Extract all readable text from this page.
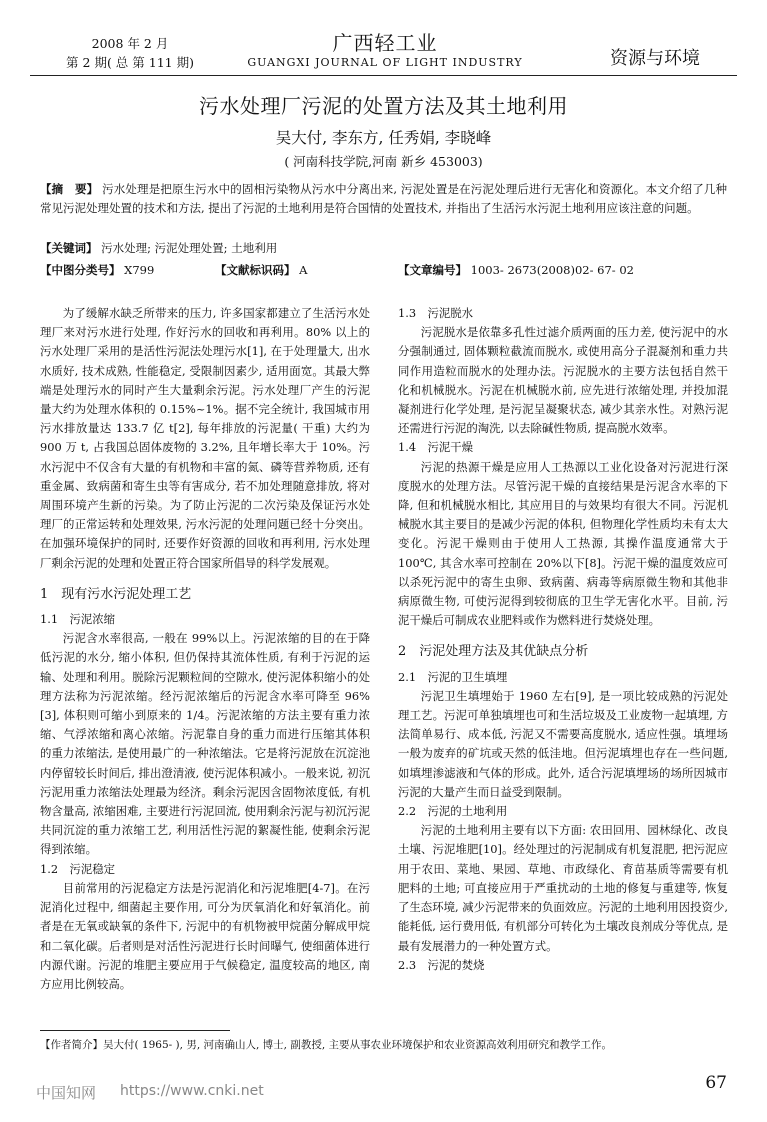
2008 年 2 月
第 2 期( 总 第 111 期)
广西轻工业
GUANGXI JOURNAL OF LIGHT INDUSTRY	资源与环境
污水处理厂污泥的处置方法及其土地利用
吴大付, 李东方, 任秀娟, 李晓峰
( 河南科技学院,河南 新乡 453003)
【摘　要】 污水处理是把原生污水中的固相污染物从污水中分离出来, 污泥处置是在污泥处理后进行无害化和资源化。本文介绍了几种常见污泥处理处置的技术和方法, 提出了污泥的土地利用是符合国情的处置技术, 并指出了生活污水污泥土地利用应该注意的问题。
【关键词】 污水处理; 污泥处理处置; 土地利用
【中图分类号】 X799	【文献标识码】 A	【文章编号】 1003- 2673(2008)02- 67- 02

为了缓解水缺乏所带来的压力, 许多国家都建立了生活污水处理厂来对污水进行处理, 作好污水的回收和再利用。80% 以上的污水处理厂采用的是活性污泥法处理污水[1], 在于处理量大, 出水水质好, 技术成熟, 性能稳定, 受限制因素少, 适用面宽。其最大弊端是处理污水的同时产生大量剩余污泥。污水处理厂产生的污泥量大约为处理水体积的 0.15%~1%。据不完全统计, 我国城市用污水排放量达 133.7 亿 t[2], 每年排放的污泥量( 干重) 大约为 900 万 t, 占我国总固体废物的 3.2%, 且年增长率大于 10%。污水污泥中不仅含有大量的有机物和丰富的氮、磷等营养物质, 还有重金属、致病菌和寄生虫等有害成分, 若不加处理随意排放, 将对周围环境产生新的污染。为了防止污泥的二次污染及保证污水处理厂的正常运转和处理效果, 污水污泥的处理问题已经十分突出。在加强环境保护的同时, 还要作好资源的回收和再利用, 污水处理厂剩余污泥的处理和处置正符合国家所倡导的科学发展观。

1　现有污水污泥处理工艺

1.1　污泥浓缩

污泥含水率很高, 一般在 99%以上。污泥浓缩的目的在于降低污泥的水分, 缩小体积, 但仍保持其流体性质, 有利于污泥的运输、处理和利用。脱除污泥颗粒间的空隙水, 使污泥体积缩小的处理方法称为污泥浓缩。经污泥浓缩后的污泥含水率可降至 96%[3], 体积则可缩小到原来的 1/4。污泥浓缩的方法主要有重力浓缩、气浮浓缩和离心浓缩。污泥靠自身的重力而进行压缩其体积的重力浓缩法, 是使用最广的一种浓缩法。它是将污泥放在沉淀池内停留较长时间后, 排出澄清液, 使污泥体积减小。一般来说, 初沉污泥用重力浓缩法处理最为经济。剩余污泥因含固物浓度低, 有机物含量高, 浓缩困难, 主要进行污泥回流, 使用剩余污泥与初沉污泥共同沉淀的重力浓缩工艺, 利用活性污泥的絮凝性能, 使剩余污泥得到浓缩。

1.2　污泥稳定

目前常用的污泥稳定方法是污泥消化和污泥堆肥[4-7]。在污泥消化过程中, 细菌起主要作用, 可分为厌氧消化和好氧消化。前者是在无氧或缺氧的条件下, 污泥中的有机物被甲烷菌分解成甲烷和二氧化碳。后者则是对活性污泥进行长时间曝气, 使细菌体进行内源代谢。污泥的堆肥主要应用于气候稳定, 温度较高的地区, 南方应用比例较高。

1.3　污泥脱水

污泥脱水是依靠多孔性过滤介质两面的压力差, 使污泥中的水分强制通过, 固体颗粒截流而脱水, 或使用高分子混凝剂和重力共同作用造粒而脱水的处理办法。污泥脱水的主要方法包括自然干化和机械脱水。污泥在机械脱水前, 应先进行浓缩处理, 并投加混凝剂进行化学处理, 是污泥呈凝聚状态, 减少其亲水性。对熟污泥还需进行污泥的淘洗, 以去除碱性物质, 提高脱水效率。

1.4　污泥干燥

污泥的热源干燥是应用人工热源以工业化设备对污泥进行深度脱水的处理方法。尽管污泥干燥的直接结果是污泥含水率的下降, 但和机械脱水相比, 其应用目的与效果均有很大不同。污泥机械脱水其主要目的是减少污泥的体积, 但物理化学性质均未有太大变化。污泥干燥则由于使用人工热源, 其操作温度通常大于 100℃, 其含水率可控制在 20%以下[8]。污泥干燥的温度效应可以杀死污泥中的寄生虫卵、致病菌、病毒等病原微生物和其他非病原微生物, 可使污泥得到较彻底的卫生学无害化水平。目前, 污泥干燥后可制成农业肥料或作为燃料进行焚烧处理。

2　污泥处理方法及其优缺点分析

2.1　污泥的卫生填埋

污泥卫生填埋始于 1960 左右[9], 是一项比较成熟的污泥处理工艺。污泥可单独填埋也可和生活垃圾及工业废物一起填埋, 方法简单易行、成本低, 污泥又不需要高度脱水, 适应性强。填埋场一般为废弃的矿坑或天然的低洼地。但污泥填埋也存在一些问题, 如填埋渗滤液和气体的形成。此外, 适合污泥填埋场的场所因城市污泥的大量产生而日益受到限制。

2.2　污泥的土地利用

污泥的土地利用主要有以下方面: 农田回用、园林绿化、改良土壤、污泥堆肥[10]。经处理过的污泥制成有机复混肥, 把污泥应用于农田、菜地、果园、草地、市政绿化、育苗基质等需要有机肥料的土地; 可直接应用于严重扰动的土地的修复与重建等, 恢复了生态环境, 减少污泥带来的负面效应。污泥的土地利用因投资少, 能耗低, 运行费用低, 有机部分可转化为土壤改良剂成分等优点, 是最有发展潜力的一种处置方式。

2.3　污泥的焚烧

【作者简介】吴大付( 1965- ), 男, 河南确山人, 博士, 副教授, 主要从事农业环境保护和农业资源高效利用研究和教学工作。
中国知网 https://www.cnki.net	67
